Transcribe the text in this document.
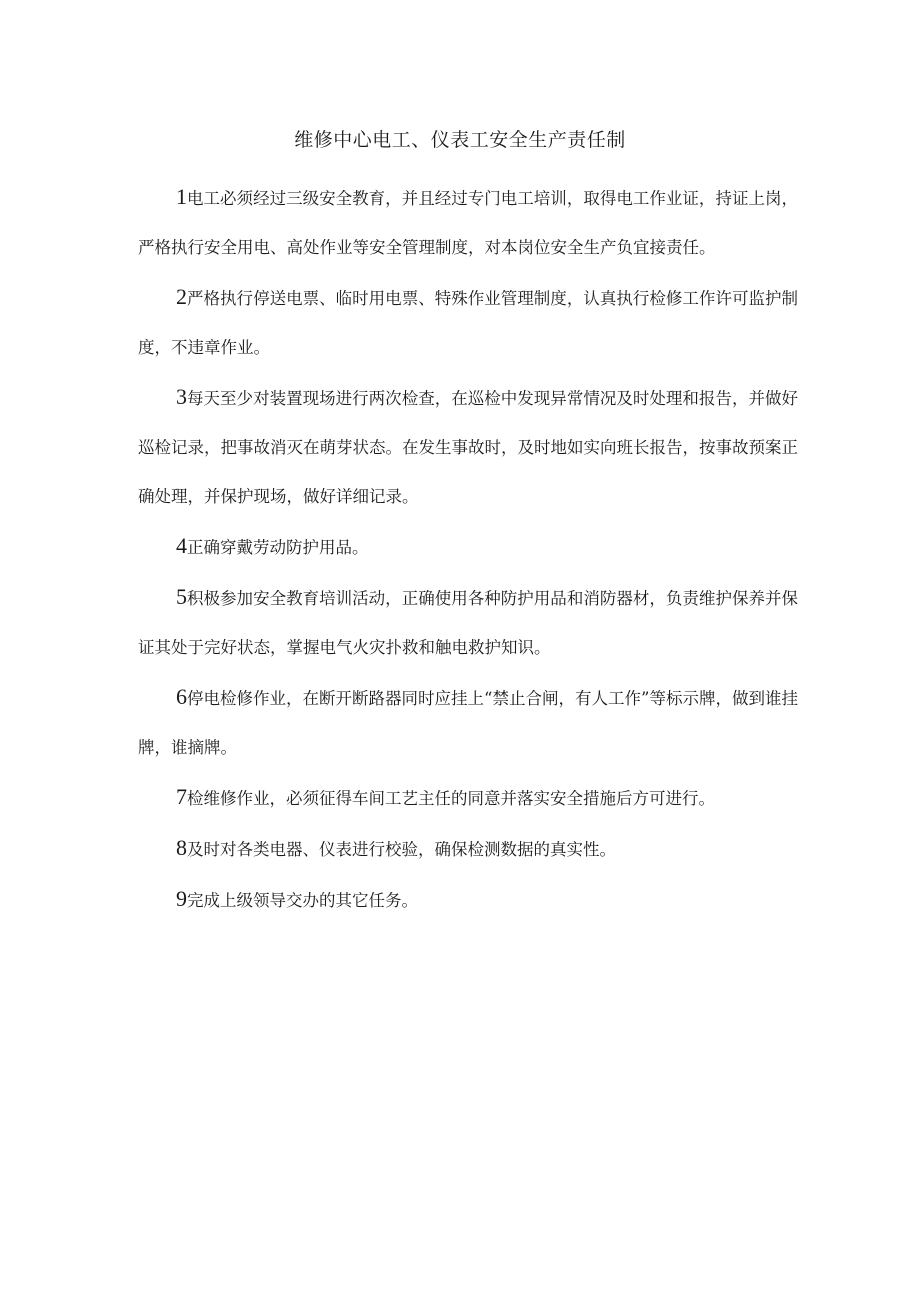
维修中心电工、仪表工安全生产责任制

1电工必须经过三级安全教育，并且经过专门电工培训，取得电工作业证，持证上岗，严格执行安全用电、高处作业等安全管理制度，对本岗位安全生产负宜接责任。

2严格执行停送电票、临时用电票、特殊作业管理制度，认真执行检修工作许可监护制度，不违章作业。

3每天至少对装置现场进行两次检查，在巡检中发现异常情况及时处理和报告，并做好巡检记录，把事故消灭在萌芽状态。在发生事故时，及时地如实向班长报告，按事故预案正确处理，并保护现场，做好详细记录。

4正确穿戴劳动防护用品。

5积极参加安全教育培训活动，正确使用各种防护用品和消防器材，负责维护保养并保证其处于完好状态，掌握电气火灾扑救和触电救护知识。

6停电检修作业，在断开断路器同时应挂上“禁止合闸，有人工作”等标示牌，做到谁挂牌，谁摘牌。

7检维修作业，必须征得车间工艺主任的同意并落实安全措施后方可进行。

8及时对各类电器、仪表进行校验，确保检测数据的真实性。

9完成上级领导交办的其它任务。
